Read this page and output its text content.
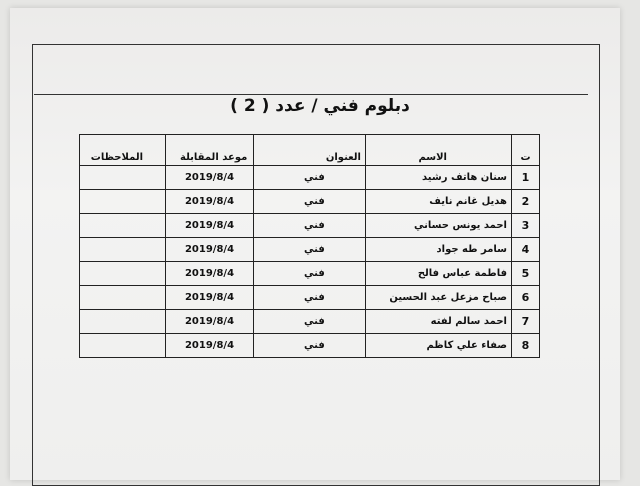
دبلوم فني / عدد ( 2 )
ت	الاسم	العنوان	موعد المقابلة	الملاحظات
1	سنان هاتف رشيد	فني	2019/8/4	
2	هديل غانم نايف	فني	2019/8/4	
3	احمد يونس حساني	فني	2019/8/4	
4	سامر طه جواد	فني	2019/8/4	
5	فاطمة عباس فالح	فني	2019/8/4	
6	صباح مزعل عبد الحسين	فني	2019/8/4	
7	احمد سالم لفته	فني	2019/8/4	
8	صفاء علي كاظم	فني	2019/8/4	
